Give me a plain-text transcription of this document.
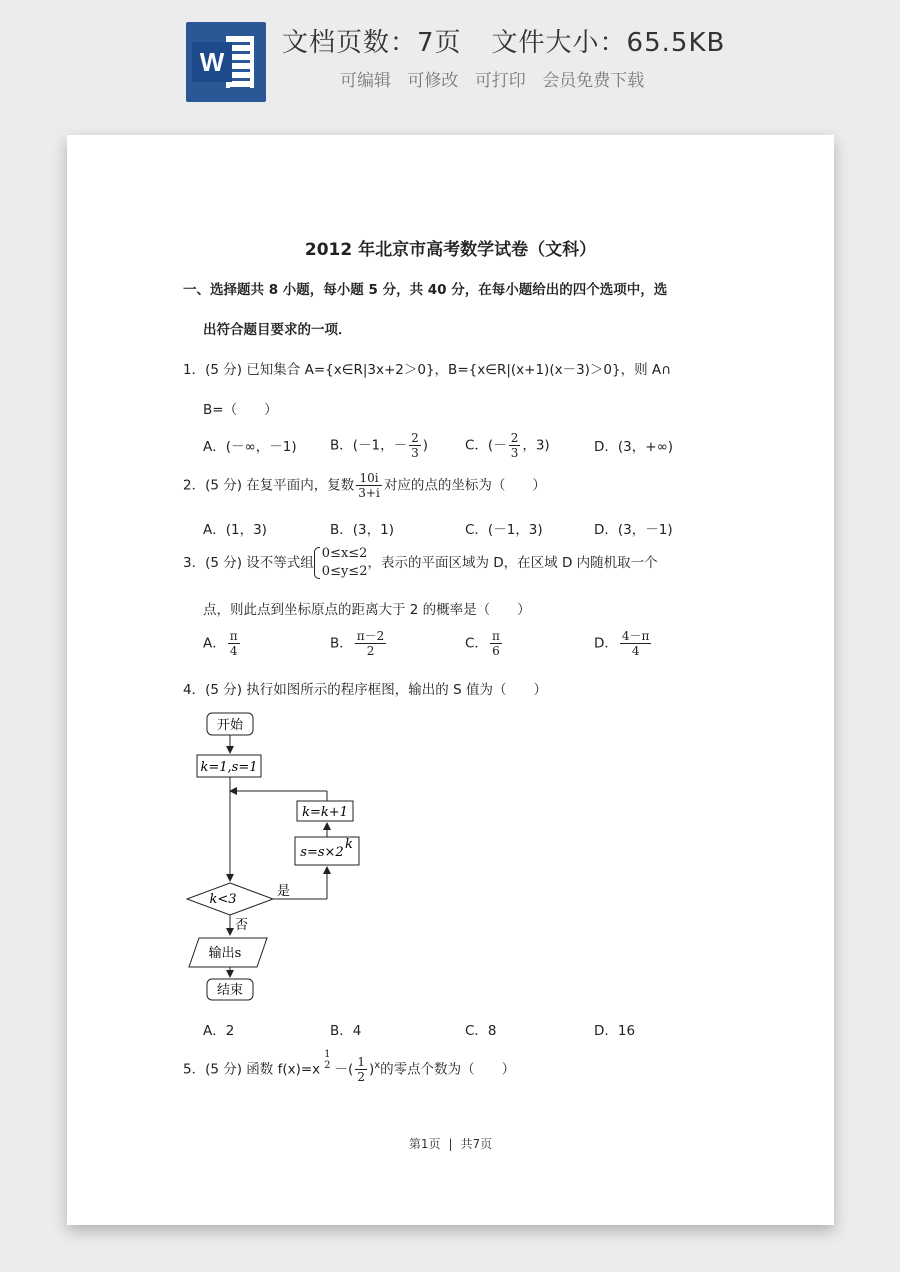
W
文档页数：7页 文件大小：65.5KB
可编辑 可修改 可打印 会员免费下载
2012 年北京市高考数学试卷（文科）
一、选择题共 8 小题，每小题 5 分，共 40 分，在每小题给出的四个选项中，选
出符合题目要求的一项．
1．(5 分) 已知集合 A={x∈R|3x+2＞0}，B={x∈R|(x+1)(x－3)＞0}，则 A∩
B=（　　）
A．(－∞，－1) B．(－1，－ $\frac{2}{3}$ )	C．(－ $\frac{2}{3}$ ，3)	D．(3，+∞)
2．(5 分) 在复平面内，复数 $\frac{10i}{3+i}$ 对应的点的坐标为（　　）
A．(1，3)	B．(3，1)	C．(－1，3)	D．(3，－1)
3．(5 分) 设不等式组
0≤x≤2
0≤y≤2
，表示的平面区域为 D，在区域 D 内随机取一个
点，则此点到坐标原点的距离大于 2 的概率是（　　）
A． $\frac{\pi}{4}$	B． $\frac{\pi-2}{2}$	C． $\frac{\pi}{6}$	D． $\frac{4-\pi}{4}$
4．(5 分) 执行如图所示的程序框图，输出的 S 值为（　　）
开始
k=1,s=1
k=k+1
s=s×2
k
是
k<3
否
输出s
结束
A．2	B．4	C．8	D．16
5．(5 分) 函数 f(x)=x
1
2 －( $\frac{1}{2} )^x$的零点个数为（　　）
第1页 | 共7页
